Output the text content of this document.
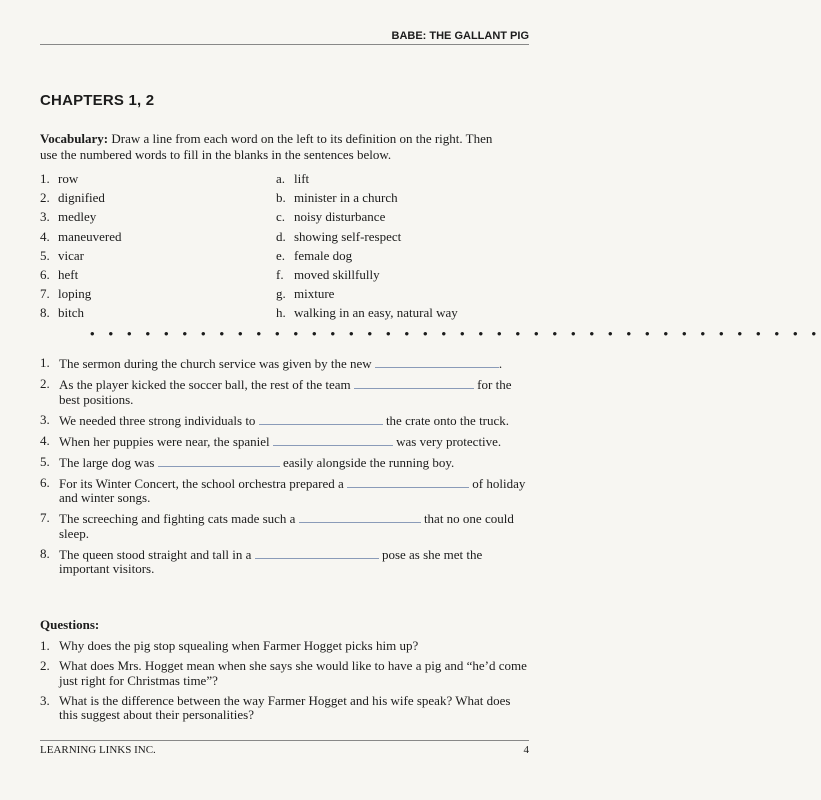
BABE: THE GALLANT PIG
CHAPTERS 1, 2
Vocabulary: Draw a line from each word on the left to its definition on the right. Then use the numbered words to fill in the blanks in the sentences below.
1. row	a. lift
2. dignified	b. minister in a church
3. medley	c. noisy disturbance
4. maneuvered	d. showing self-respect
5. vicar	e. female dog
6. heft	f. moved skillfully
7. loping	g. mixture
8. bitch	h. walking in an easy, natural way
• • • • • • • • • • • • • • • • • • • • • • • • • • • • • • • • • • • • • • • •
1. The sermon during the church service was given by the new	.
2. As the player kicked the soccer ball, the rest of the team	for the best positions.
3. We needed three strong individuals to	the crate onto the truck.
4. When her puppies were near, the spaniel	was very protective.
5. The large dog was	easily alongside the running boy.
6. For its Winter Concert, the school orchestra prepared a	of holiday and winter songs.
7. The screeching and fighting cats made such a	that no one could sleep.
8. The queen stood straight and tall in a	pose as she met the important visitors.
Questions:
1. Why does the pig stop squealing when Farmer Hogget picks him up?
2. What does Mrs. Hogget mean when she says she would like to have a pig and “he’d come just right for Christmas time”?
3. What is the difference between the way Farmer Hogget and his wife speak? What does this suggest about their personalities?
LEARNING LINKS INC.	4
